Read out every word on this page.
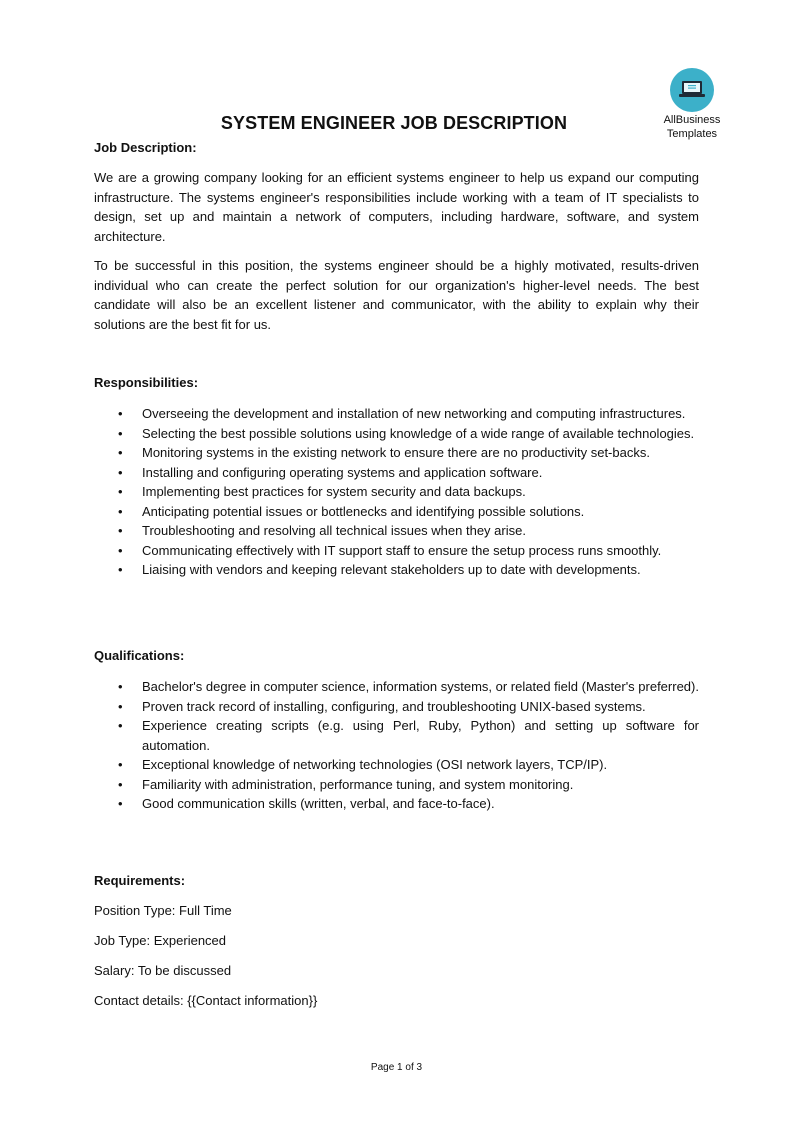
AllBusiness
Templates
SYSTEM ENGINEER JOB DESCRIPTION

Job Description:

We are a growing company looking for an efficient systems engineer to help us expand our computing infrastructure. The systems engineer's responsibilities include working with a team of IT specialists to design, set up and maintain a network of computers, including hardware, software, and system architecture.

To be successful in this position, the systems engineer should be a highly motivated, results-driven individual who can create the perfect solution for our organization's higher-level needs. The best candidate will also be an excellent listener and communicator, with the ability to explain why their solutions are the best fit for us.

Responsibilities:

• Overseeing the development and installation of new networking and computing infrastructures.
• Selecting the best possible solutions using knowledge of a wide range of available technologies.
• Monitoring systems in the existing network to ensure there are no productivity set-backs.
• Installing and configuring operating systems and application software.
• Implementing best practices for system security and data backups.
• Anticipating potential issues or bottlenecks and identifying possible solutions.
• Troubleshooting and resolving all technical issues when they arise.
• Communicating effectively with IT support staff to ensure the setup process runs smoothly.
• Liaising with vendors and keeping relevant stakeholders up to date with developments.

Qualifications:

• Bachelor's degree in computer science, information systems, or related field (Master's preferred).
• Proven track record of installing, configuring, and troubleshooting UNIX-based systems.
• Experience creating scripts (e.g. using Perl, Ruby, Python) and setting up software for automation.
• Exceptional knowledge of networking technologies (OSI network layers, TCP/IP).
• Familiarity with administration, performance tuning, and system monitoring.
• Good communication skills (written, verbal, and face-to-face).

Requirements:

Position Type: Full Time

Job Type: Experienced

Salary: To be discussed

Contact details: {{Contact information}}

Page 1 of 3
